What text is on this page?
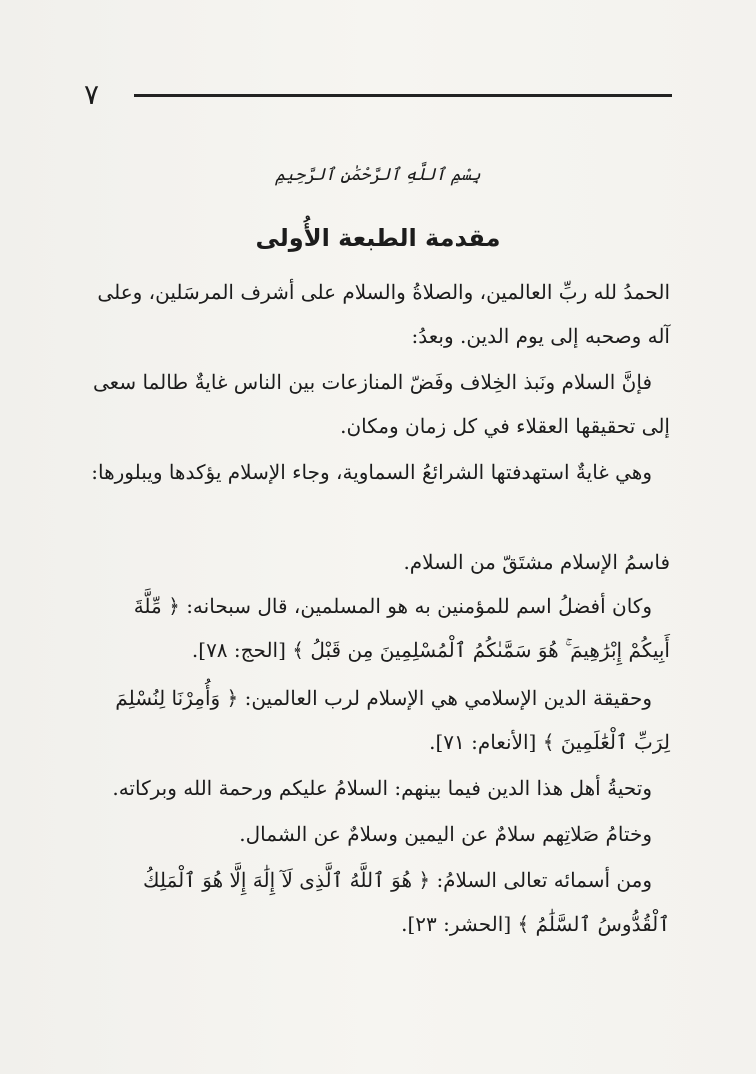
٧
بِسْمِ ٱللَّهِ ٱلرَّحْمَٰنِ ٱلرَّحِيمِ
مقدمة الطبعة الأُولى
الحمدُ لله ربِّ العالمين، والصلاةُ والسلام على أشرف المرسَلين، وعلى آله وصحبه إلى يوم الدين. وبعدُ:
فإنَّ السلام ونَبذ الخِلاف وفَضّ المنازعات بين الناس غايةٌ طالما سعى إلى تحقيقها العقلاء في كل زمان ومكان.
وهي غايةٌ استهدفتها الشرائعُ السماوية، وجاء الإسلام يؤكدها ويبلورها:
فاسمُ الإسلام مشتَقّ من السلام.
وكان أفضلُ اسم للمؤمنين به هو المسلمين، قال سبحانه: ﴿ مِّلَّةَ أَبِيكُمْ إِبْرَٰهِيمَ ۚ هُوَ سَمَّىٰكُمُ ٱلْمُسْلِمِينَ مِن قَبْلُ ﴾ [الحج: ٧٨].
وحقيقة الدين الإسلامي هي الإسلام لرب العالمين: ﴿ وَأُمِرْنَا لِنُسْلِمَ لِرَبِّ ٱلْعَٰلَمِينَ ﴾ [الأنعام: ٧١].
وتحيةُ أهل هذا الدين فيما بينهم: السلامُ عليكم ورحمة الله وبركاته.
وختامُ صَلاتِهم سلامٌ عن اليمين وسلامٌ عن الشمال.
ومن أسمائه تعالى السلامُ: ﴿ هُوَ ٱللَّهُ ٱلَّذِى لَآ إِلَٰهَ إِلَّا هُوَ ٱلْمَلِكُ ٱلْقُدُّوسُ ٱلسَّلَٰمُ ﴾ [الحشر: ٢٣].
